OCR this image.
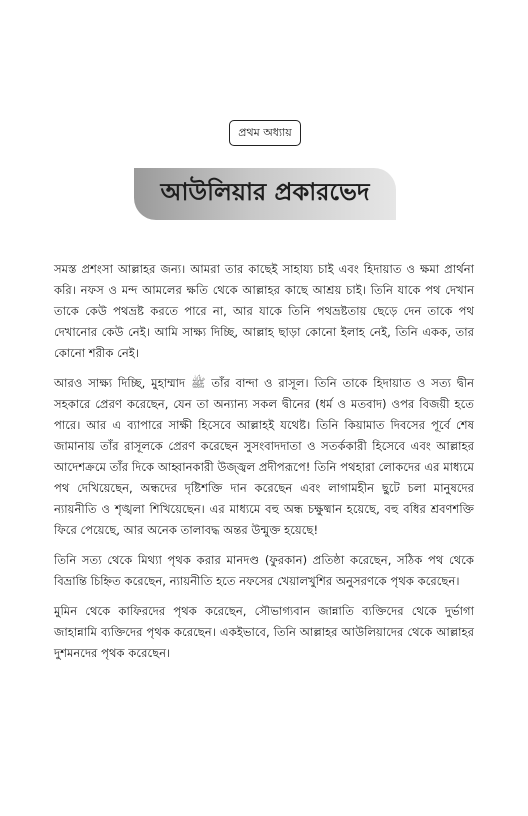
প্রথম অধ্যায়
আউলিয়ার প্রকারভেদ

সমস্ত প্রশংসা আল্লাহর জন্য। আমরা তার কাছেই সাহায্য চাই এবং হিদায়াত ও ক্ষমা প্রার্থনা করি। নফস ও মন্দ আমলের ক্ষতি থেকে আল্লাহর কাছে আশ্রয় চাই। তিনি যাকে পথ দেখান তাকে কেউ পথভ্রষ্ট করতে পারে না, আর যাকে তিনি পথভ্রষ্টতায় ছেড়ে দেন তাকে পথ দেখানোর কেউ নেই। আমি সাক্ষ্য দিচ্ছি, আল্লাহ ছাড়া কোনো ইলাহ নেই, তিনি একক, তার কোনো শরীক নেই।

আরও সাক্ষ্য দিচ্ছি, মুহাম্মাদ ﷺ তাঁর বান্দা ও রাসূল। তিনি তাকে হিদায়াত ও সত্য দ্বীন সহকারে প্রেরণ করেছেন, যেন তা অন্যান্য সকল দ্বীনের (ধর্ম ও মতবাদ) ওপর বিজয়ী হতে পারে। আর এ ব্যাপারে সাক্ষী হিসেবে আল্লাহই যথেষ্ট। তিনি কিয়ামাত দিবসের পূর্বে শেষ জামানায় তাঁর রাসূলকে প্রেরণ করেছেন সুসংবাদদাতা ও সতর্ককারী হিসেবে এবং আল্লাহর আদেশক্রমে তাঁর দিকে আহ্বানকারী উজ্জ্বল প্রদীপরূপে! তিনি পথহারা লোকদের এর মাধ্যমে পথ দেখিয়েছেন, অন্ধদের দৃষ্টিশক্তি দান করেছেন এবং লাগামহীন ছুটে চলা মানুষদের ন্যায়নীতি ও শৃঙ্খলা শিখিয়েছেন। এর মাধ্যমে বহু অন্ধ চক্ষুষ্মান হয়েছে, বহু বধির শ্রবণশক্তি ফিরে পেয়েছে, আর অনেক তালাবদ্ধ অন্তর উন্মুক্ত হয়েছে!

তিনি সত্য থেকে মিথ্যা পৃথক করার মানদণ্ড (ফুরকান) প্রতিষ্ঠা করেছেন, সঠিক পথ থেকে বিভ্রান্তি চিহ্নিত করেছেন, ন্যায়নীতি হতে নফসের খেয়ালখুশির অনুসরণকে পৃথক করেছেন।

মুমিন থেকে কাফিরদের পৃথক করেছেন, সৌভাগ্যবান জান্নাতি ব্যক্তিদের থেকে দুর্ভাগা জাহান্নামি ব্যক্তিদের পৃথক করেছেন। একইভাবে, তিনি আল্লাহর আউলিয়াদের থেকে আল্লাহর দুশমনদের পৃথক করেছেন।
